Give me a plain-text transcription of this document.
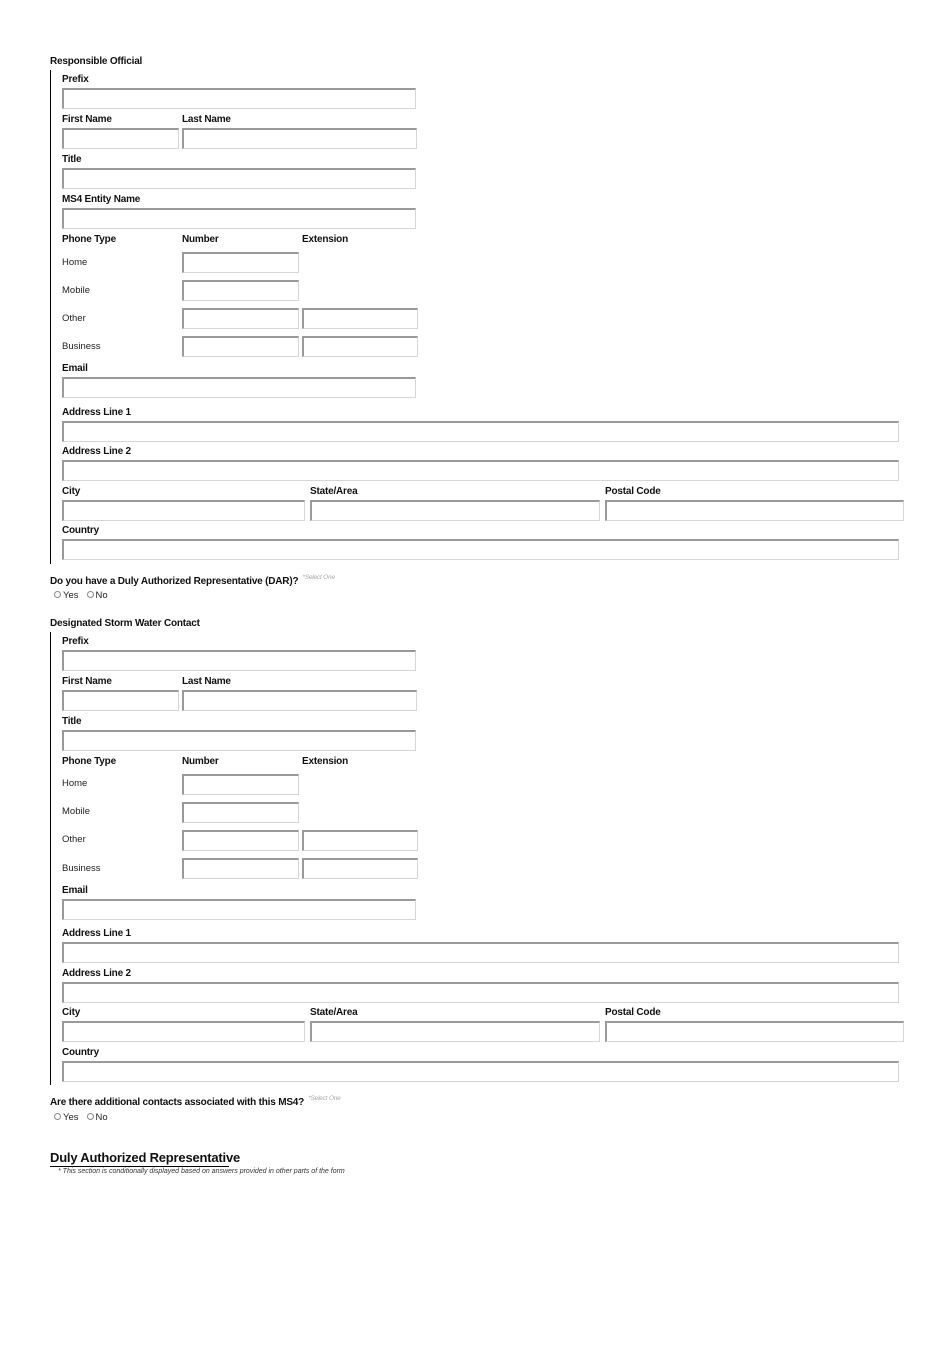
Responsible Official
Prefix
First Name	Last Name
Title
MS4 Entity Name
Phone Type	Number	Extension
Home
Mobile
Other
Business
Email
Address Line 1
Address Line 2
City	State/Area	Postal Code
Country
Do you have a Duly Authorized Representative (DAR)? $^{*Select One}$
Yes No
Designated Storm Water Contact
Prefix
First Name	Last Name
Title
Phone Type	Number	Extension
Home
Mobile
Other
Business
Email
Address Line 1
Address Line 2
City	State/Area	Postal Code
Country
Are there additional contacts associated with this MS4? $^{*Select One}$
Yes No
Duly Authorized Representative
* This section is conditionally displayed based on answers provided in other parts of the form
